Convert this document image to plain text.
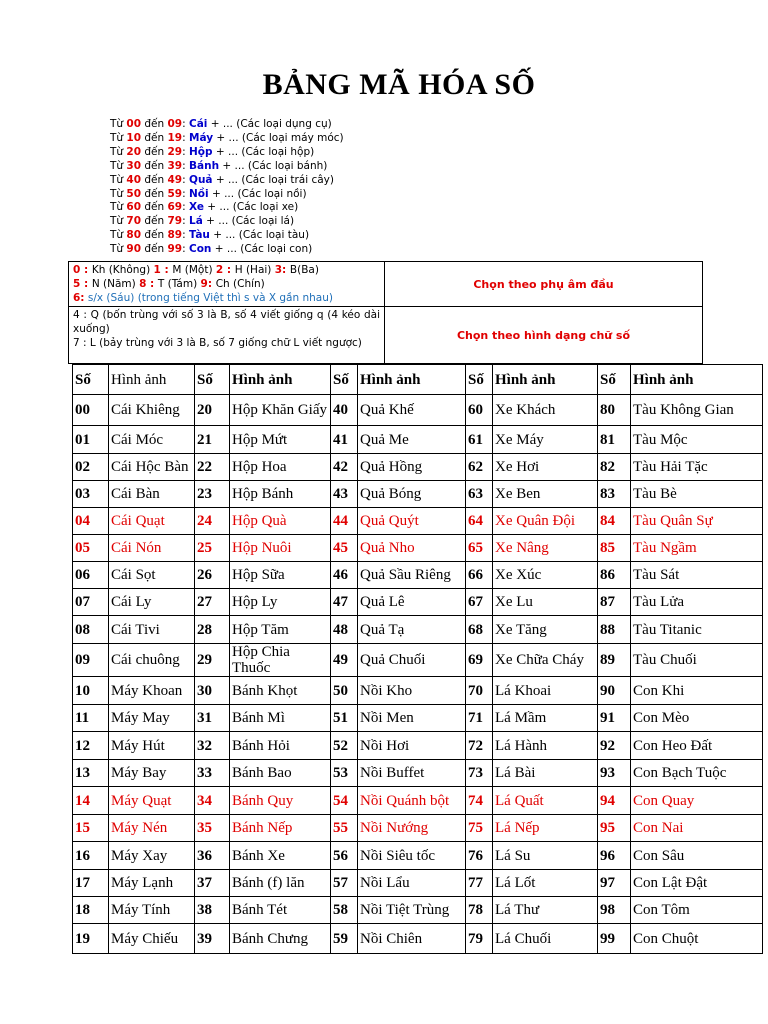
BẢNG MÃ HÓA SỐ
Từ 00 đến 09: Cái + ... (Các loại dụng cụ)
Từ 10 đến 19: Máy + ... (Các loại máy móc)
Từ 20 đến 29: Hộp + ... (Các loại hộp)
Từ 30 đến 39: Bánh + ... (Các loại bánh)
Từ 40 đến 49: Quả + ... (Các loại trái cây)
Từ 50 đến 59: Nồi + ... (Các loại nồi)
Từ 60 đến 69: Xe + ... (Các loại xe)
Từ 70 đến 79: Lá + ... (Các loại lá)
Từ 80 đến 89: Tàu + ... (Các loại tàu)
Từ 90 đến 99: Con + ... (Các loại con)
0 : Kh (Không) 1 : M (Một) 2 : H (Hai) 3: B(Ba)
5 : N (Năm) 8 : T (Tám) 9: Ch (Chín)
6: s/x (Sáu) (trong tiếng Việt thì s và X gần nhau)	Chọn theo phụ âm đầu

4 : Q (bốn trùng với số 3 là B, số 4 viết giống q (4 kéo dài xuống)
7 : L (bảy trùng với 3 là B, số 7 giống chữ L viết ngược)	Chọn theo hình dạng chữ số
Số	Hình ảnh	Số	Hình ảnh	Số	Hình ảnh	Số	Hình ảnh	Số	Hình ảnh
00	Cái Khiêng	20	Hộp Khăn Giấy	40	Quả Khế	60	Xe Khách	80	Tàu Không Gian
01	Cái Móc	21	Hộp Mứt	41	Quả Me	61	Xe Máy	81	Tàu Mộc
02	Cái Hộc Bàn	22	Hộp Hoa	42	Quả Hồng	62	Xe Hơi	82	Tàu Hải Tặc
03	Cái Bàn	23	Hộp Bánh	43	Quả Bóng	63	Xe Ben	83	Tàu Bè
04	Cái Quạt	24	Hộp Quà	44	Quả Quýt	64	Xe Quân Đội	84	Tàu Quân Sự
05	Cái Nón	25	Hộp Nuôi	45	Quả Nho	65	Xe Nâng	85	Tàu Ngầm
06	Cái Sọt	26	Hộp Sữa	46	Quả Sầu Riêng	66	Xe Xúc	86	Tàu Sát
07	Cái Ly	27	Hộp Ly	47	Quả Lê	67	Xe Lu	87	Tàu Lửa
08	Cái Tivi	28	Hộp Tăm	48	Quả Tạ	68	Xe Tăng	88	Tàu Titanic
09	Cái chuông	29	Hộp Chia Thuốc	49	Quả Chuối	69	Xe Chữa Cháy	89	Tàu Chuối
10	Máy Khoan	30	Bánh Khọt	50	Nồi Kho	70	Lá Khoai	90	Con Khi
11	Máy May	31	Bánh Mì	51	Nồi Men	71	Lá Mầm	91	Con Mèo
12	Máy Hút	32	Bánh Hỏi	52	Nồi Hơi	72	Lá Hành	92	Con Heo Đất
13	Máy Bay	33	Bánh Bao	53	Nồi Buffet	73	Lá Bài	93	Con Bạch Tuộc
14	Máy Quạt	34	Bánh Quy	54	Nồi Quánh bột	74	Lá Quất	94	Con Quay
15	Máy Nén	35	Bánh Nếp	55	Nồi Nướng	75	Lá Nếp	95	Con Nai
16	Máy Xay	36	Bánh Xe	56	Nồi Siêu tốc	76	Lá Su	96	Con Sâu
17	Máy Lạnh	37	Bánh (f) lăn	57	Nồi Lẩu	77	Lá Lốt	97	Con Lật Đật
18	Máy Tính	38	Bánh Tét	58	Nồi Tiệt Trùng	78	Lá Thư	98	Con Tôm
19	Máy Chiếu	39	Bánh Chưng	59	Nồi Chiên	79	Lá Chuối	99	Con Chuột
